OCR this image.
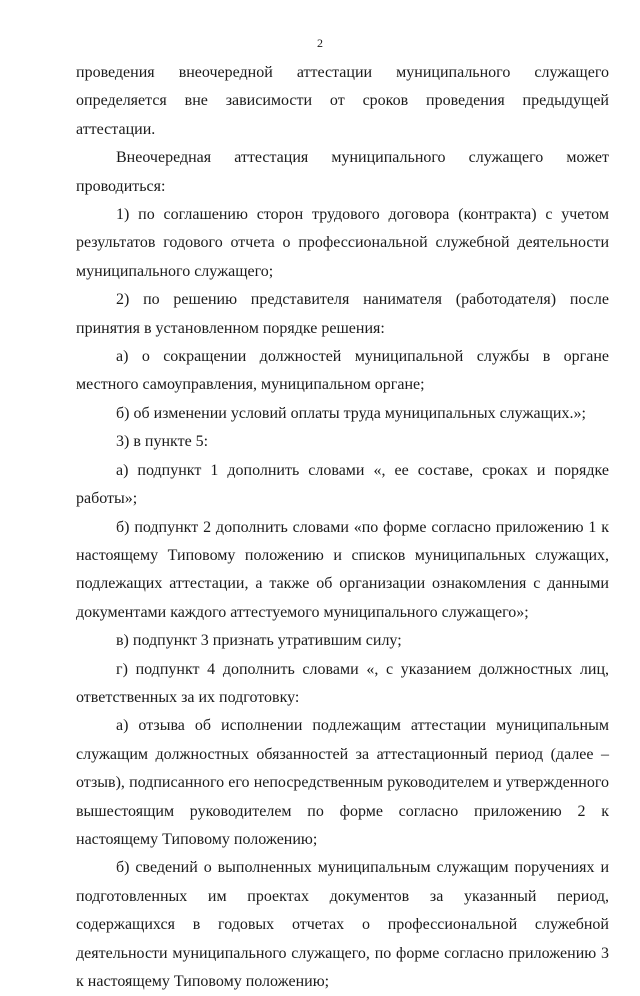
2

проведения внеочередной аттестации муниципального служащего определяется вне зависимости от сроков проведения предыдущей аттестации.

Внеочередная аттестация муниципального служащего может проводиться:

1) по соглашению сторон трудового договора (контракта) с учетом результатов годового отчета о профессиональной служебной деятельности муниципального служащего;

2) по решению представителя нанимателя (работодателя) после принятия в установленном порядке решения:

а) о сокращении должностей муниципальной службы в органе местного самоуправления, муниципальном органе;

б) об изменении условий оплаты труда муниципальных служащих.»;

3) в пункте 5:

а) подпункт 1 дополнить словами «, ее составе, сроках и порядке работы»;

б) подпункт 2 дополнить словами «по форме согласно приложению 1 к настоящему Типовому положению и списков муниципальных служащих, подлежащих аттестации, а также об организации ознакомления с данными документами каждого аттестуемого муниципального служащего»;

в) подпункт 3 признать утратившим силу;

г) подпункт 4 дополнить словами «, с указанием должностных лиц, ответственных за их подготовку:

а) отзыва об исполнении подлежащим аттестации муниципальным служащим должностных обязанностей за аттестационный период (далее – отзыв), подписанного его непосредственным руководителем и утвержденного вышестоящим руководителем по форме согласно приложению 2 к настоящему Типовому положению;

б) сведений о выполненных муниципальным служащим поручениях и подготовленных им проектах документов за указанный период, содержащихся в годовых отчетах о профессиональной служебной деятельности муниципального служащего, по форме согласно приложению 3 к настоящему Типовому положению;
